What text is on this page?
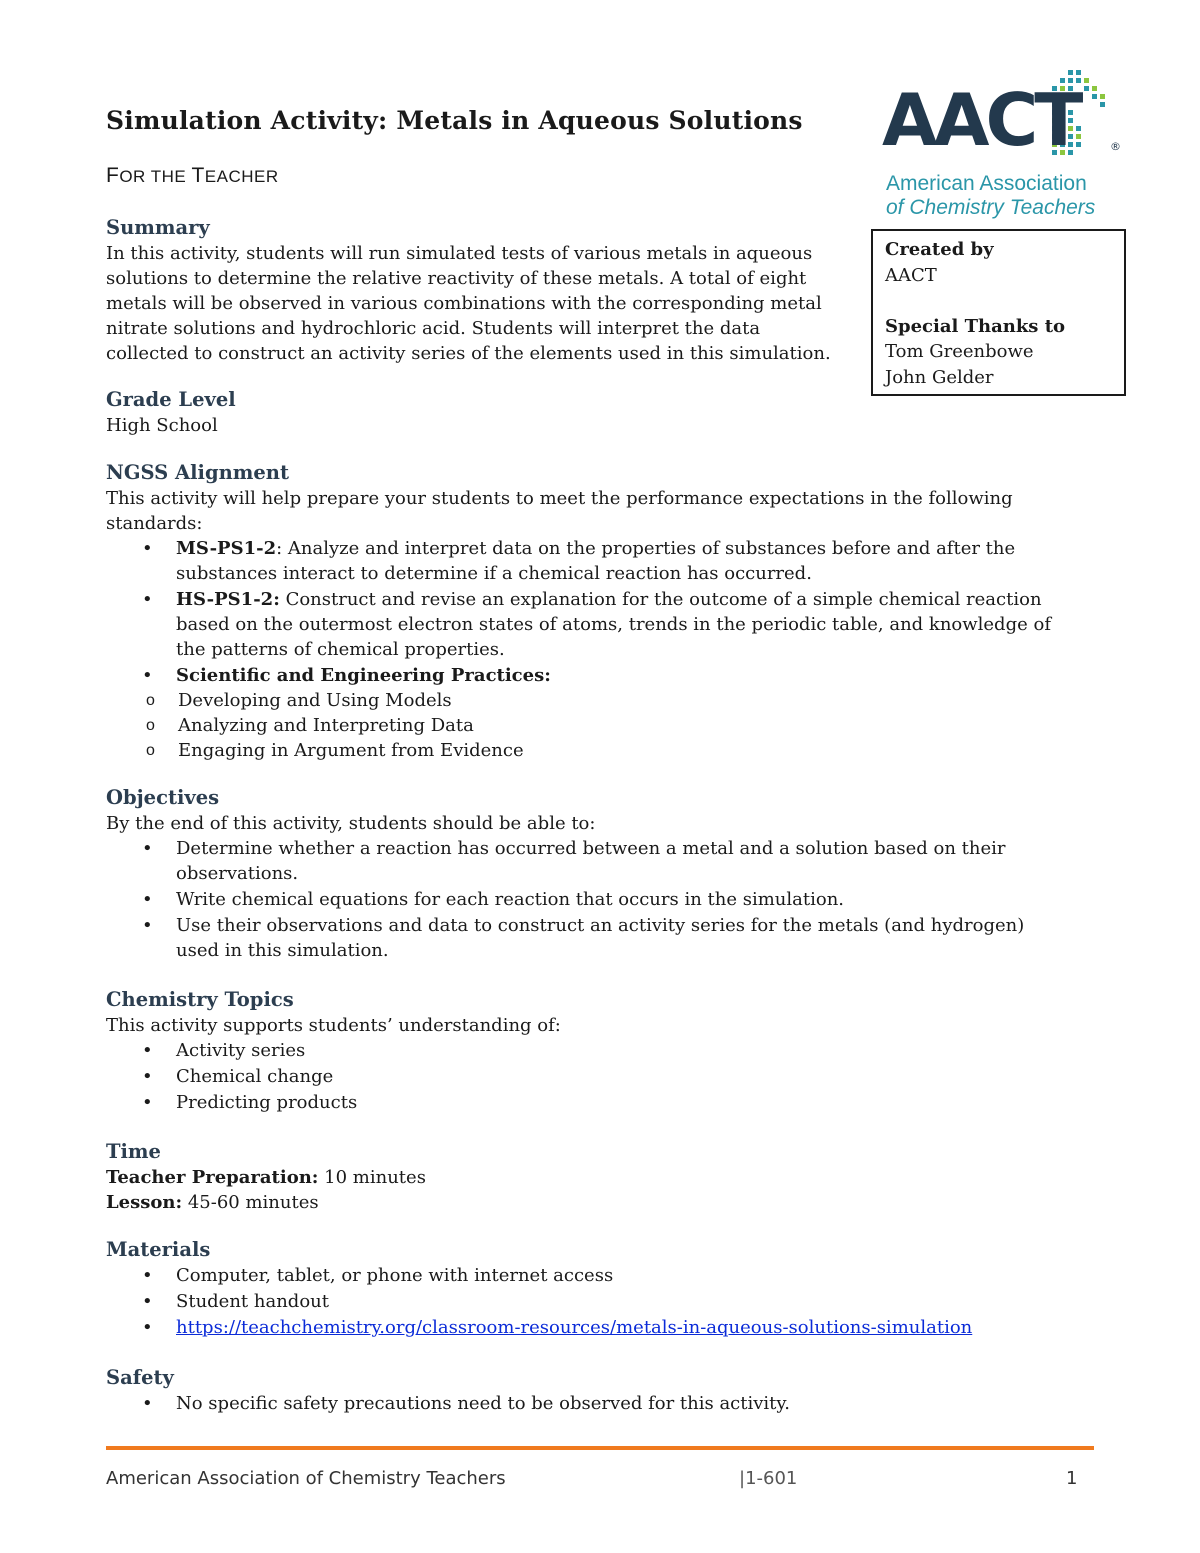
Simulation Activity: Metals in Aqueous Solutions
FOR THE TEACHER
AACT	®
American Association
of Chemistry Teachers

Created by

AACT

Special Thanks to

Tom Greenbowe

John Gelder

Summary

In this activity, students will run simulated tests of various metals in aqueous

solutions to determine the relative reactivity of these metals. A total of eight

metals will be observed in various combinations with the corresponding metal

nitrate solutions and hydrochloric acid. Students will interpret the data

collected to construct an activity series of the elements used in this simulation.

Grade Level

High School

NGSS Alignment

This activity will help prepare your students to meet the performance expectations in the following standards:

• MS-PS1-2: Analyze and interpret data on the properties of substances before and after the substances interact to determine if a chemical reaction has occurred.
• HS-PS1-2: Construct and revise an explanation for the outcome of a simple chemical reaction based on the outermost electron states of atoms, trends in the periodic table, and knowledge of the patterns of chemical properties.
• Scientific and Engineering Practices:
o Developing and Using Models
o Analyzing and Interpreting Data
o Engaging in Argument from Evidence

Objectives

By the end of this activity, students should be able to:

• Determine whether a reaction has occurred between a metal and a solution based on their observations.
• Write chemical equations for each reaction that occurs in the simulation.
• Use their observations and data to construct an activity series for the metals (and hydrogen) used in this simulation.

Chemistry Topics

This activity supports students’ understanding of:

• Activity series
• Chemical change
• Predicting products

Time

Teacher Preparation: 10 minutes

Lesson: 45-60 minutes

Materials

• Computer, tablet, or phone with internet access
• Student handout
• https://teachchemistry.org/classroom-resources/metals-in-aqueous-solutions-simulation

Safety

• No specific safety precautions need to be observed for this activity.
American Association of Chemistry Teachers	|1-601	1
